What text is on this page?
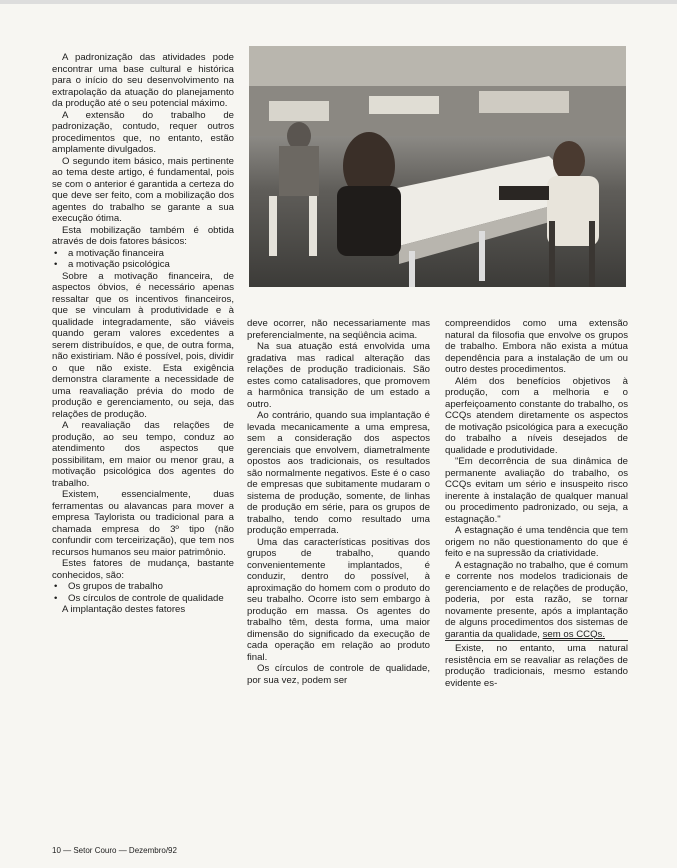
A padronização das atividades pode encontrar uma base cultural e histórica para o início do seu desenvolvimento na extrapolação da atuação do planejamento da produção até o seu potencial máximo.

A extensão do trabalho de padronização, contudo, requer outros procedimentos que, no entanto, estão amplamente divulgados.

O segundo item básico, mais pertinente ao tema deste artigo, é fundamental, pois se com o anterior é garantida a certeza do que deve ser feito, com a mobilização dos agentes do trabalho se garante a sua execução ótima.

Esta mobilização também é obtida através de dois fatores básicos:

• a motivação financeira
• a motivação psicológica

Sobre a motivação financeira, de aspectos óbvios, é necessário apenas ressaltar que os incentivos financeiros, que se vinculam à produtividade e à qualidade integradamente, são viáveis quando geram valores excedentes a serem distribuídos, e que, de outra forma, não existiriam. Não é possível, pois, dividir o que não existe. Esta exigência demonstra claramente a necessidade de uma reavaliação prévia do modo de produção e gerenciamento, ou seja, das relações de produção.

A reavaliação das relações de produção, ao seu tempo, conduz ao atendimento dos aspectos que possibilitam, em maior ou menor grau, a motivação psicológica dos agentes do trabalho.

Existem, essencialmente, duas ferramentas ou alavancas para mover a empresa Taylorista ou tradicional para a chamada empresa do 3º tipo (não confundir com terceirização), que tem nos recursos humanos seu maior patrimônio.

Estes fatores de mudança, bastante conhecidos, são:

• Os grupos de trabalho
• Os círculos de controle de qualidade

A implantação destes fatores

deve ocorrer, não necessariamente mas preferencialmente, na seqüência acima.

Na sua atuação está envolvida uma gradativa mas radical alteração das relações de produção tradicionais. São estes como catalisadores, que promovem a harmônica transição de um estado a outro.

Ao contrário, quando sua implantação é levada mecanicamente a uma empresa, sem a consideração dos aspectos gerenciais que envolvem, diametralmente opostos aos tradicionais, os resultados são normalmente negativos. Este é o caso de empresas que subitamente mudaram o sistema de produção, somente, de linhas de produção em série, para os grupos de trabalho, tendo como resultado uma produção emperrada.

Uma das características positivas dos grupos de trabalho, quando convenientemente implantados, é conduzir, dentro do possível, à aproximação do homem com o produto do seu trabalho. Ocorre isto sem embargo à produção em massa. Os agentes do trabalho têm, desta forma, uma maior dimensão do significado da execução de cada operação em relação ao produto final.

Os círculos de controle de qualidade, por sua vez, podem ser

compreendidos como uma extensão natural da filosofia que envolve os grupos de trabalho. Embora não exista a mútua dependência para a instalação de um ou outro destes procedimentos.

Além dos benefícios objetivos à produção, com a melhoria e o aperfeiçoamento constante do trabalho, os CCQs atendem diretamente os aspectos de motivação psicológica para a execução do trabalho a níveis desejados de qualidade e produtividade.

"Em decorrência de sua dinâmica de permanente avaliação do trabalho, os CCQs evitam um sério e insuspeito risco inerente à instalação de qualquer manual ou procedimento padronizado, ou seja, a estagnação."

A estagnação é uma tendência que tem origem no não questionamento do que é feito e na supressão da criatividade.

A estagnação no trabalho, que é comum e corrente nos modelos tradicionais de gerenciamento e de relações de produção, poderia, por esta razão, se tornar novamente presente, após a implantação de alguns procedimentos dos sistemas de garantia da qualidade, sem os CCQs.

Existe, no entanto, uma natural resistência em se reavaliar as relações de produção tradicionais, mesmo estando evidente es-

10 — Setor Couro — Dezembro/92
